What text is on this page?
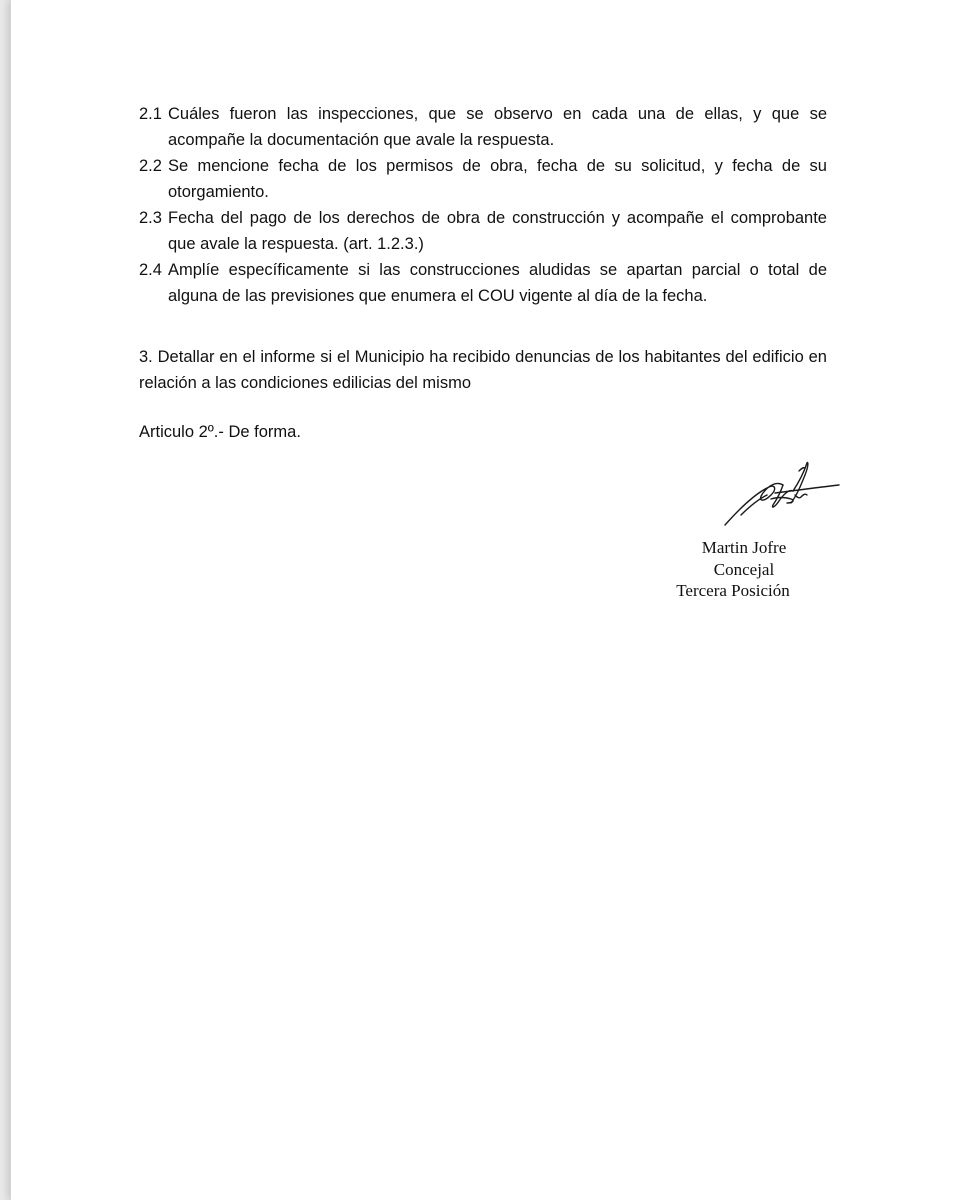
2.1 Cuáles fueron las inspecciones, que se observo en cada una de ellas, y que se acompañe la documentación que avale la respuesta.
2.2 Se mencione fecha de los permisos de obra, fecha de su solicitud, y fecha de su otorgamiento.
2.3 Fecha del pago de los derechos de obra de construcción y acompañe el comprobante que avale la respuesta. (art. 1.2.3.)
2.4 Amplíe específicamente si las construcciones aludidas se apartan parcial o total de alguna de las previsiones que enumera el COU vigente al día de la fecha.
3. Detallar en el informe si el Municipio ha recibido denuncias de los habitantes del edificio en relación a las condiciones edilicias del mismo
Articulo 2º.- De forma.
Martin Jofre
Concejal
Tercera Posición
